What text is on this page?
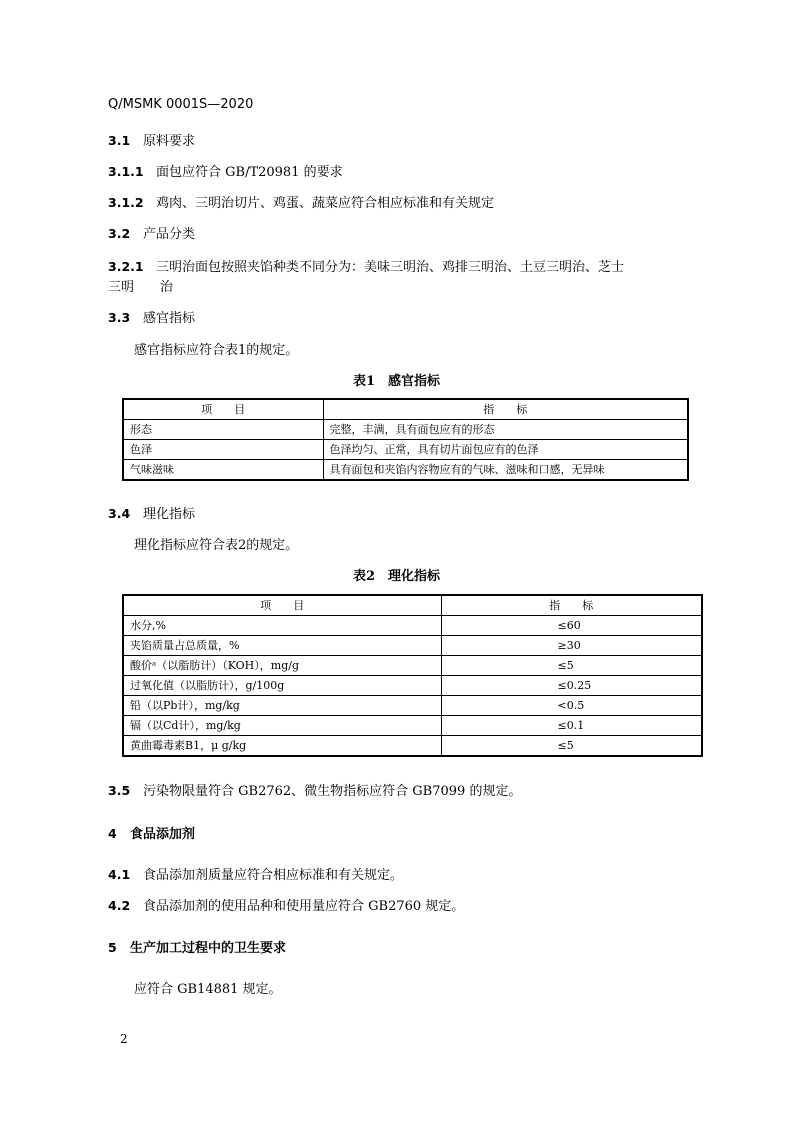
Q/MSMK 0001S—2020
3.1 原料要求
3.1.1 面包应符合 GB/T20981 的要求
3.1.2 鸡肉、三明治切片、鸡蛋、蔬菜应符合相应标准和有关规定
3.2 产品分类
3.2.1 三明治面包按照夹馅种类不同分为：美味三明治、鸡排三明治、土豆三明治、芝士
三明　　治
3.3 感官指标
感官指标应符合表1的规定。
表1　感官指标
项　　目	指　　标
形态	完整，丰满，具有面包应有的形态
色泽	色泽均匀、正常，具有切片面包应有的色泽
气味滋味	具有面包和夹馅内容物应有的气味、滋味和口感，无异味
3.4 理化指标
理化指标应符合表2的规定。
表2　理化指标
项　　目	指　　标
水分,%	≤60
夹馅质量占总质量，%	≥30
酸价ᵃ（以脂肪计）（KOH），mg/g	≤5
过氧化值（以脂肪计），g/100g	≤0.25
铅（以Pb计），mg/kg	<0.5
镉（以Cd计），mg/kg	≤0.1
黄曲霉毒素B1，μ g/kg	≤5
3.5 污染物限量符合 GB2762、微生物指标应符合 GB7099 的规定。
4 食品添加剂
4.1 食品添加剂质量应符合相应标准和有关规定。
4.2 食品添加剂的使用品种和使用量应符合 GB2760 规定。
5 生产加工过程中的卫生要求
应符合 GB14881 规定。
2
